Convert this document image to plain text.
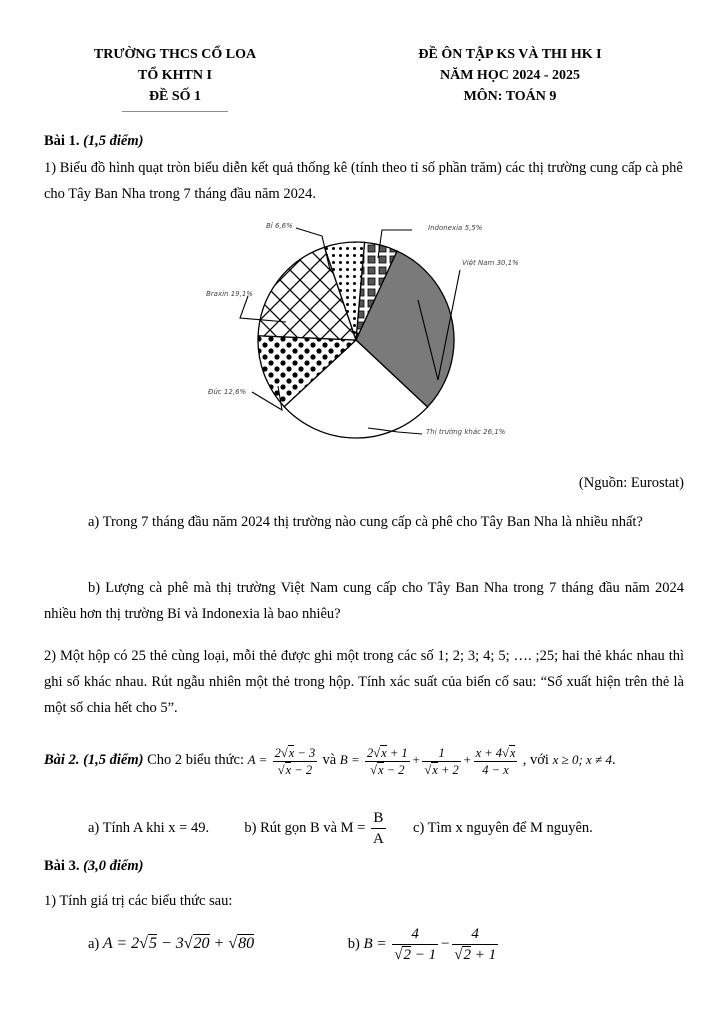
TRƯỜNG THCS CỔ LOA
TỔ KHTN I
ĐỀ SỐ 1
ĐỀ ÔN TẬP KS VÀ THI HK I
NĂM HỌC 2024 - 2025
MÔN: TOÁN 9
Bài 1. (1,5 điểm)
1) Biểu đồ hình quạt tròn biểu diễn kết quả thống kê (tính theo tỉ số phần trăm) các thị trường cung cấp cà phê cho Tây Ban Nha trong 7 tháng đầu năm 2024.
Indonexia 5,5%
Việt Nam 30,1%
Thị trường khác 26,1%
Đức 12,6%
Braxin 19,1%
Bỉ 6,6%
(Nguồn: Eurostat)
a) Trong 7 tháng đầu năm 2024 thị trường nào cung cấp cà phê cho Tây Ban Nha là nhiều nhất?
b) Lượng cà phê mà thị trường Việt Nam cung cấp cho Tây Ban Nha trong 7 tháng đầu năm 2024 nhiều hơn thị trường Bỉ và Indonexia là bao nhiêu?
2) Một hộp có 25 thẻ cùng loại, mỗi thẻ được ghi một trong các số 1; 2; 3; 4; 5; …. ;25; hai thẻ khác nhau thì ghi số khác nhau. Rút ngẫu nhiên một thẻ trong hộp. Tính xác suất của biến cố sau: “Số xuất hiện trên thẻ là một số chia hết cho 5”.
Bài 2. (1,5 điểm) Cho 2 biểu thức: $A = \frac{2√x - 3}{√x - 2}$ và $B = \frac{2√x + 1}{√x - 2} + \frac{1}{√x + 2} + \frac{x + 4√x}{4 - x}$ , với x ≥ 0; x ≠ 4.
a) Tính A khi x = 49.  b) Rút gọn B và $M = \frac{B}{A} c$) Tìm x nguyên để M nguyên.
Bài 3. (3,0 điểm)
1) Tính giá trị các biểu thức sau:
a) A = 2√5 − 3√20 + √80	b) $B = \frac{4}{√2 - 1} - \frac{4}{√2 + 1}$
